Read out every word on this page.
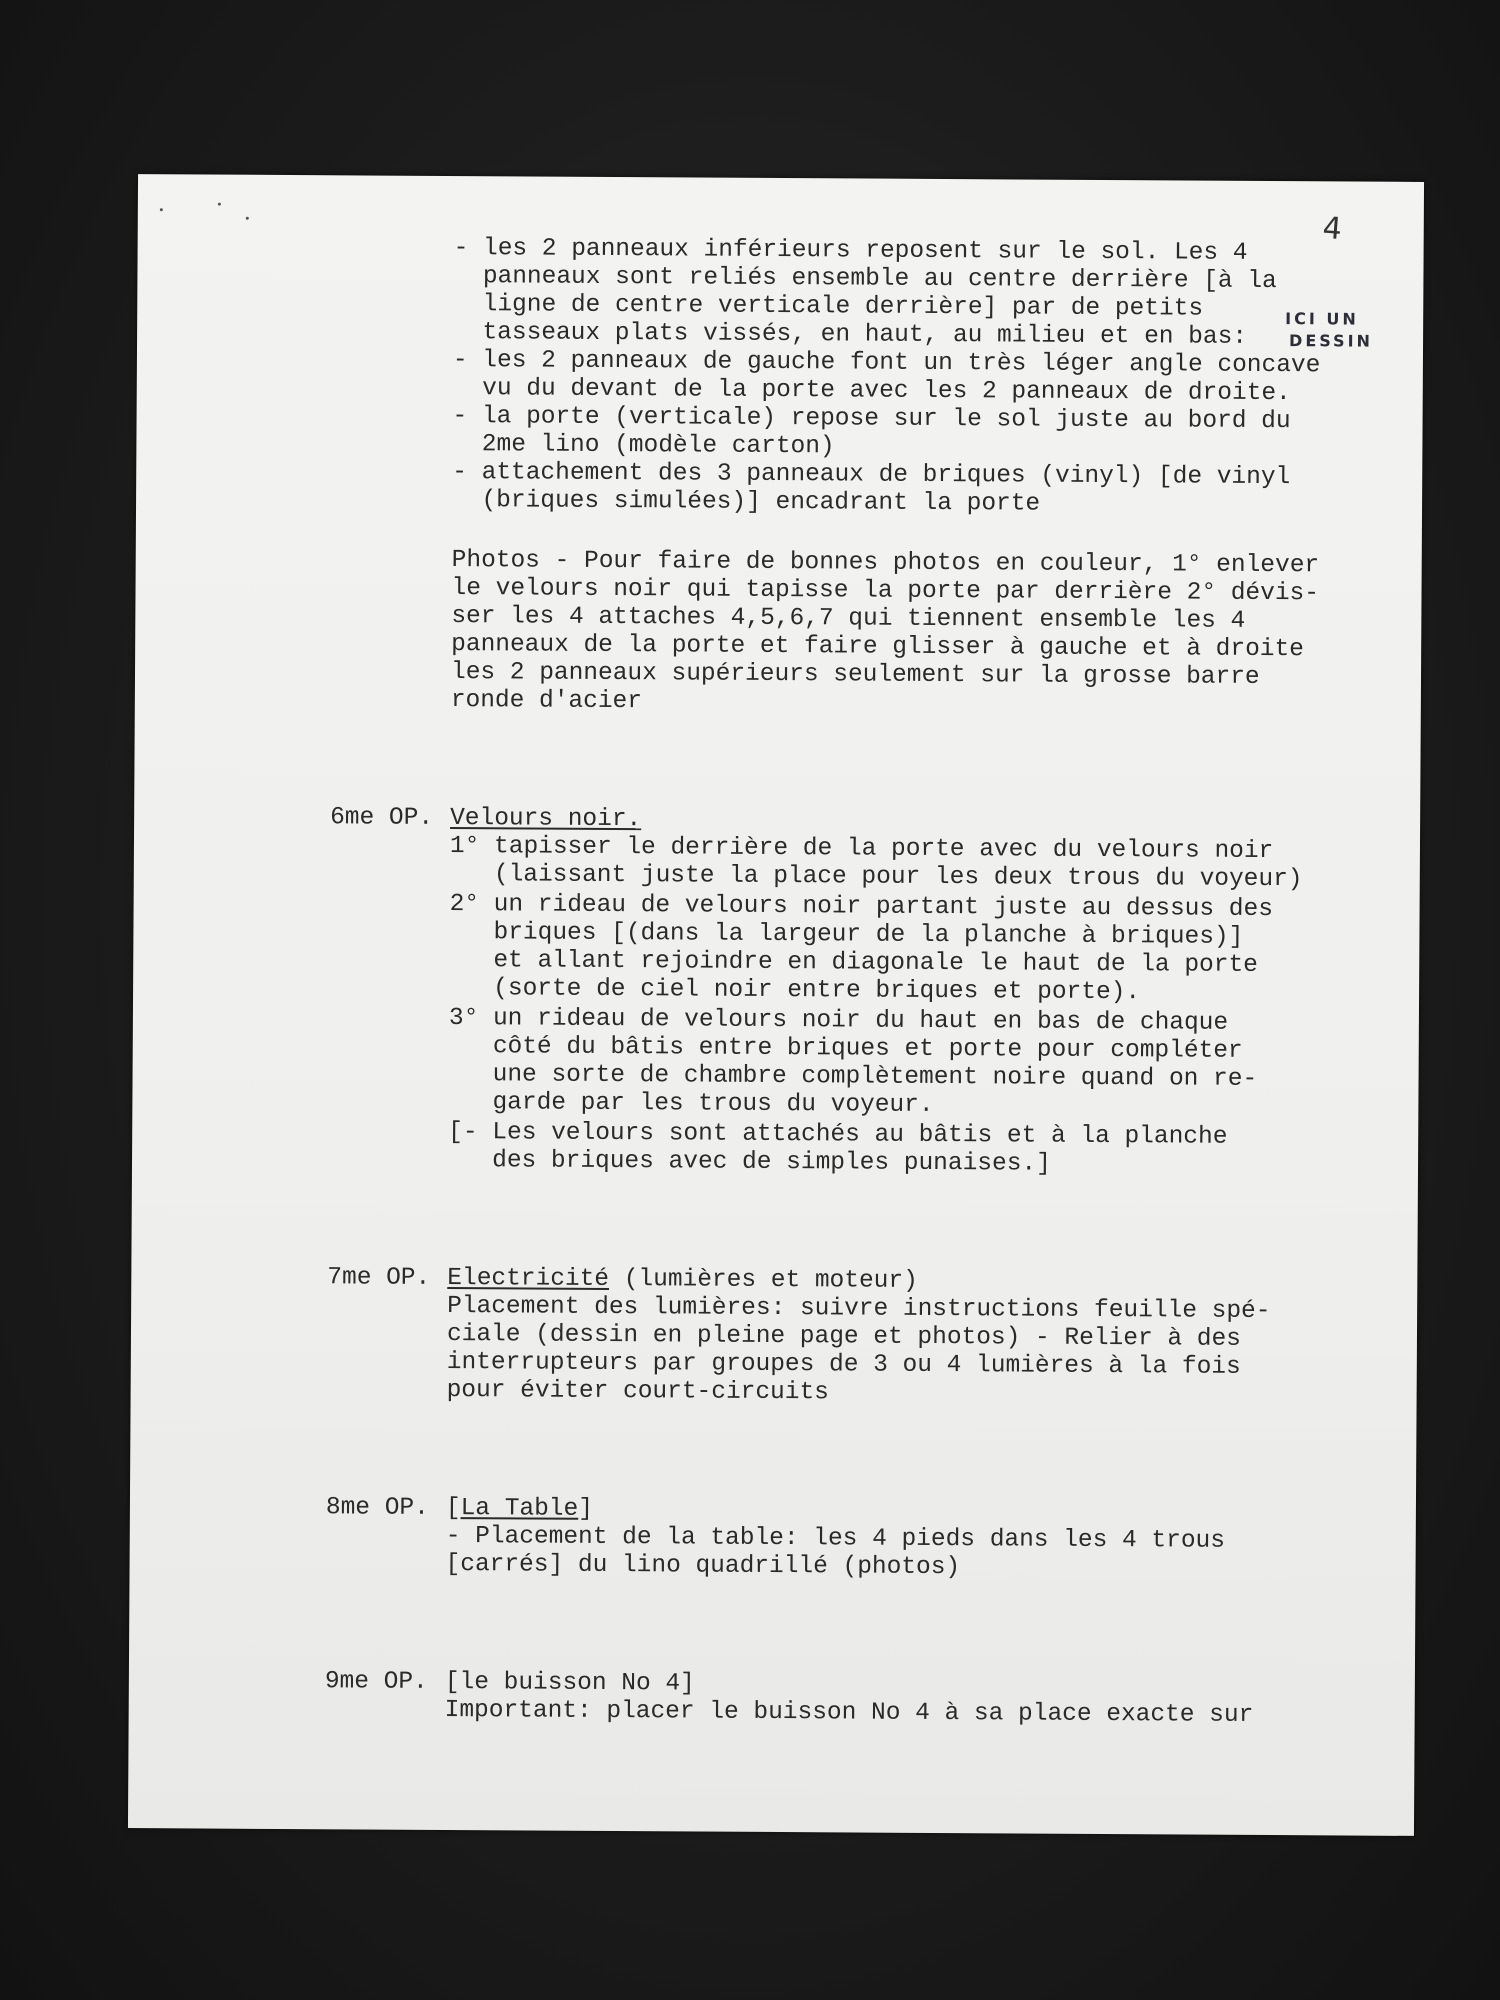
4
ICI UN
DESSIN

- les 2 panneaux inférieurs reposent sur le sol. Les 4

panneaux sont reliés ensemble au centre derrière [à la

ligne de centre verticale derrière] par de petits

tasseaux plats vissés, en haut, au milieu et en bas:

- les 2 panneaux de gauche font un très léger angle concave

vu du devant de la porte avec les 2 panneaux de droite.

- la porte (verticale) repose sur le sol juste au bord du

2me lino (modèle carton)

- attachement des 3 panneaux de briques (vinyl) [de vinyl

(briques simulées)] encadrant la porte

Photos - Pour faire de bonnes photos en couleur, 1° enlever

le velours noir qui tapisse la porte par derrière 2° dévis-

ser les 4 attaches 4,5,6,7 qui tiennent ensemble les 4

panneaux de la porte et faire glisser à gauche et à droite

les 2 panneaux supérieurs seulement sur la grosse barre

ronde d'acier

6me OP.

Velours noir.

1° tapisser le derrière de la porte avec du velours noir

(laissant juste la place pour les deux trous du voyeur)

2° un rideau de velours noir partant juste au dessus des

briques [(dans la largeur de la planche à briques)]

et allant rejoindre en diagonale le haut de la porte

(sorte de ciel noir entre briques et porte).

3° un rideau de velours noir du haut en bas de chaque

côté du bâtis entre briques et porte pour compléter

une sorte de chambre complètement noire quand on re-

garde par les trous du voyeur.

[- Les velours sont attachés au bâtis et à la planche

des briques avec de simples punaises.]

7me OP.

Electricité (lumières et moteur)

Placement des lumières: suivre instructions feuille spé-

ciale (dessin en pleine page et photos) - Relier à des

interrupteurs par groupes de 3 ou 4 lumières à la fois

pour éviter court-circuits

8me OP.

[La Table]

- Placement de la table: les 4 pieds dans les 4 trous

[carrés] du lino quadrillé (photos)

9me OP.

[le buisson No 4]

Important: placer le buisson No 4 à sa place exacte sur
